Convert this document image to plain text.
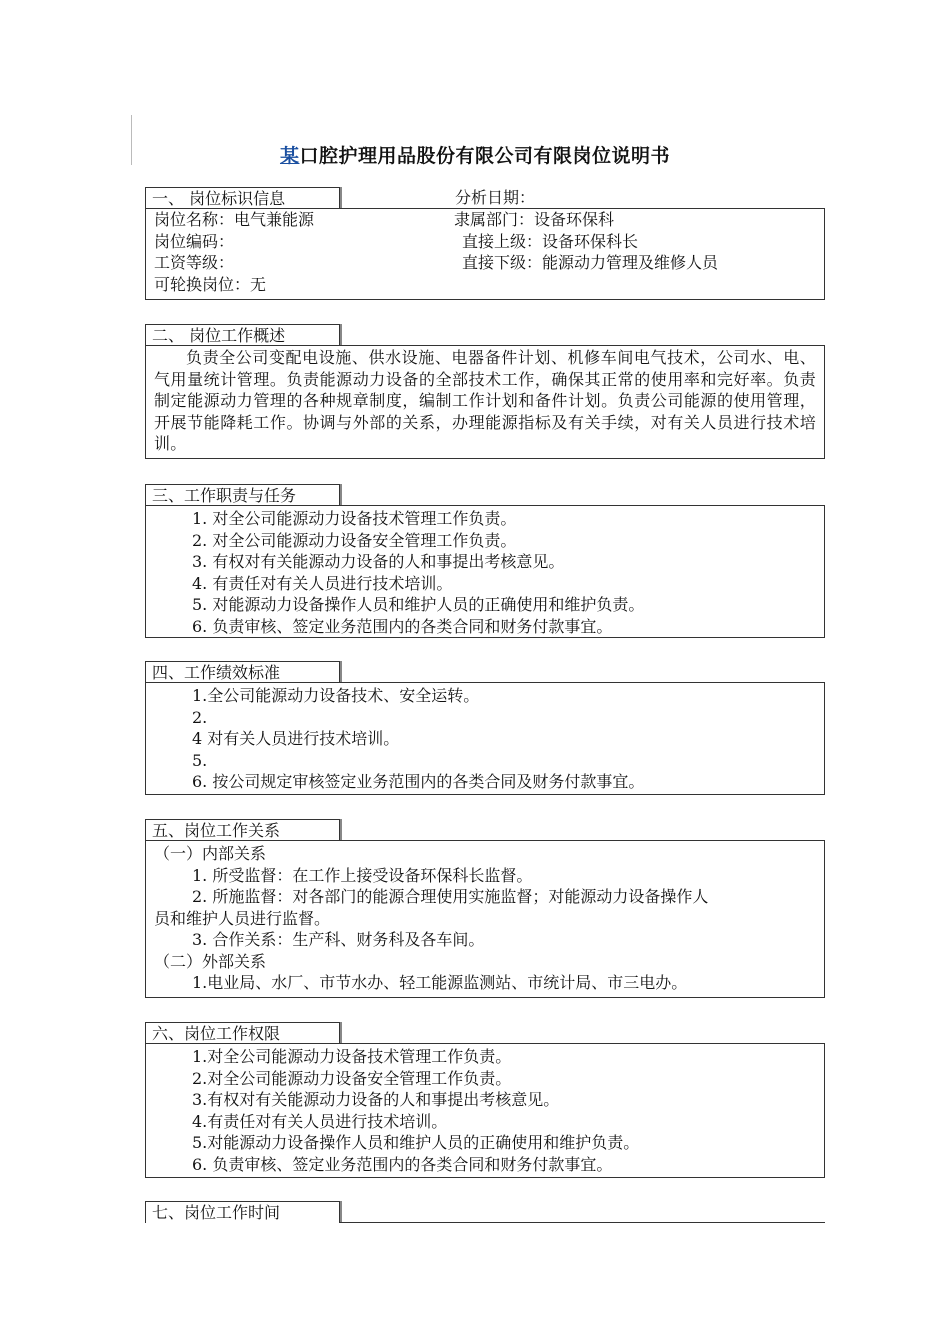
某口腔护理用品股份有限公司有限岗位说明书
一、 岗位标识信息	分析日期：
岗位名称：电气兼能源	隶属部门：设备环保科
岗位编码：	直接上级：设备环保科长
工资等级：	直接下级：能源动力管理及维修人员
可轮换岗位：无
二、 岗位工作概述
负责全公司变配电设施、供水设施、电器备件计划、机修车间电气技术，公司水、电、气用量统计管理。负责能源动力设备的全部技术工作，确保其正常的使用率和完好率。负责制定能源动力管理的各种规章制度，编制工作计划和备件计划。负责公司能源的使用管理，开展节能降耗工作。协调与外部的关系，办理能源指标及有关手续，对有关人员进行技术培训。
三、工作职责与任务
1. 对全公司能源动力设备技术管理工作负责。
2. 对全公司能源动力设备安全管理工作负责。
3. 有权对有关能源动力设备的人和事提出考核意见。
4. 有责任对有关人员进行技术培训。
5. 对能源动力设备操作人员和维护人员的正确使用和维护负责。
6. 负责审核、签定业务范围内的各类合同和财务付款事宜。
四、工作绩效标准
1.全公司能源动力设备技术、安全运转。
2.
4 对有关人员进行技术培训。
5.
6. 按公司规定审核签定业务范围内的各类合同及财务付款事宜。
五、岗位工作关系
（一）内部关系
1. 所受监督：在工作上接受设备环保科长监督。
2. 所施监督：对各部门的能源合理使用实施监督；对能源动力设备操作人
员和维护人员进行监督。
3. 合作关系：生产科、财务科及各车间。
（二）外部关系
1.电业局、水厂、市节水办、轻工能源监测站、市统计局、市三电办。
六、岗位工作权限
1.对全公司能源动力设备技术管理工作负责。
2.对全公司能源动力设备安全管理工作负责。
3.有权对有关能源动力设备的人和事提出考核意见。
4.有责任对有关人员进行技术培训。
5.对能源动力设备操作人员和维护人员的正确使用和维护负责。
6. 负责审核、签定业务范围内的各类合同和财务付款事宜。
七、岗位工作时间
